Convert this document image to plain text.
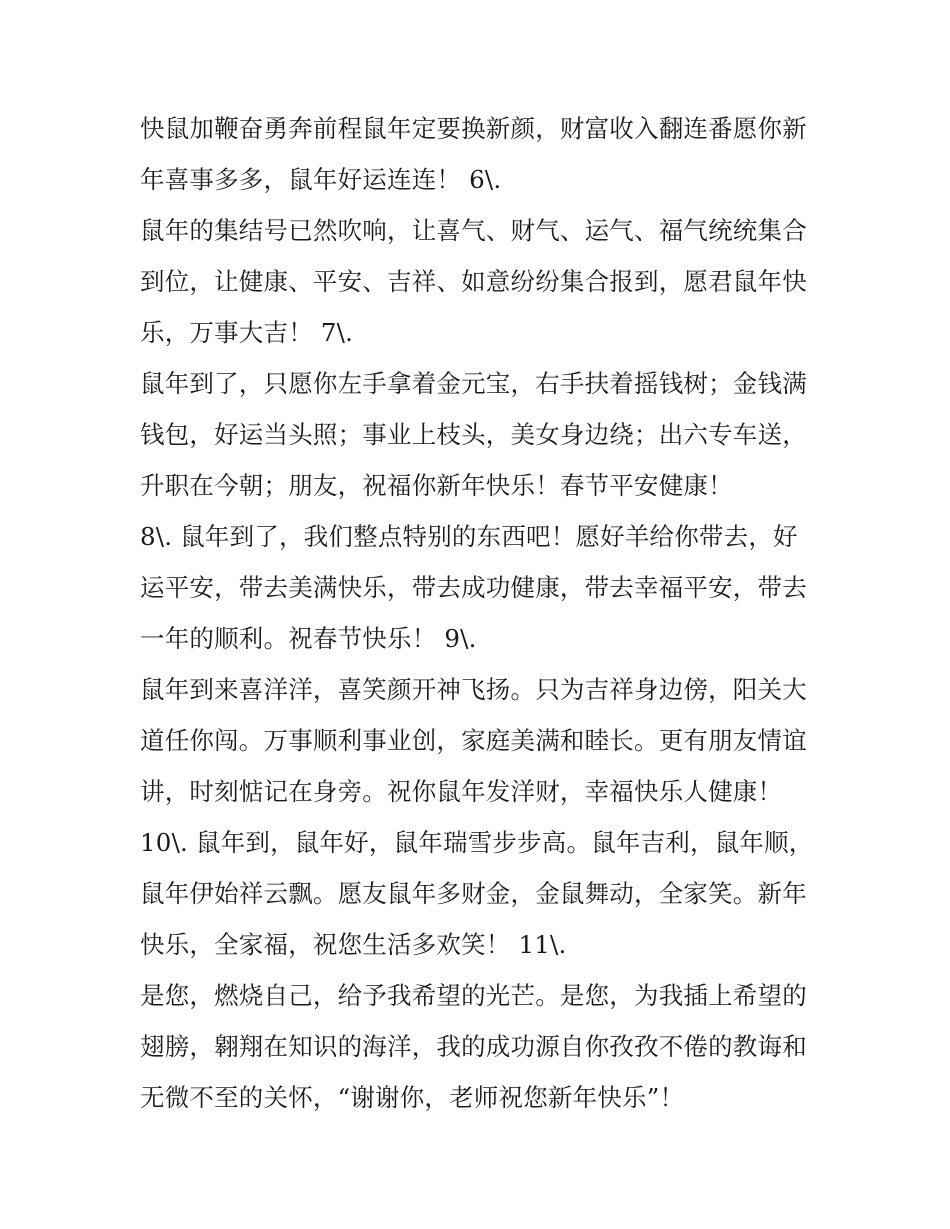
快鼠加鞭奋勇奔前程鼠年定要换新颜，财富收入翻连番愿你新
年喜事多多，鼠年好运连连！ 6\.
鼠年的集结号已然吹响，让喜气、财气、运气、福气统统集合
到位，让健康、平安、吉祥、如意纷纷集合报到，愿君鼠年快
乐，万事大吉！ 7\.
鼠年到了，只愿你左手拿着金元宝，右手扶着摇钱树；金钱满
钱包，好运当头照；事业上枝头，美女身边绕；出六专车送，
升职在今朝；朋友，祝福你新年快乐！春节平安健康！
8\. 鼠年到了，我们整点特别的东西吧！愿好羊给你带去，好
运平安，带去美满快乐，带去成功健康，带去幸福平安，带去
一年的顺利。祝春节快乐！ 9\.
鼠年到来喜洋洋，喜笑颜开神飞扬。只为吉祥身边傍，阳关大
道任你闯。万事顺利事业创，家庭美满和睦长。更有朋友情谊
讲，时刻惦记在身旁。祝你鼠年发洋财，幸福快乐人健康！
10\. 鼠年到，鼠年好，鼠年瑞雪步步高。鼠年吉利，鼠年顺，
鼠年伊始祥云飘。愿友鼠年多财金，金鼠舞动，全家笑。新年
快乐，全家福，祝您生活多欢笑！ 11\.
是您，燃烧自己，给予我希望的光芒。是您，为我插上希望的
翅膀，翱翔在知识的海洋，我的成功源自你孜孜不倦的教诲和
无微不至的关怀，“谢谢你，老师祝您新年快乐”！
